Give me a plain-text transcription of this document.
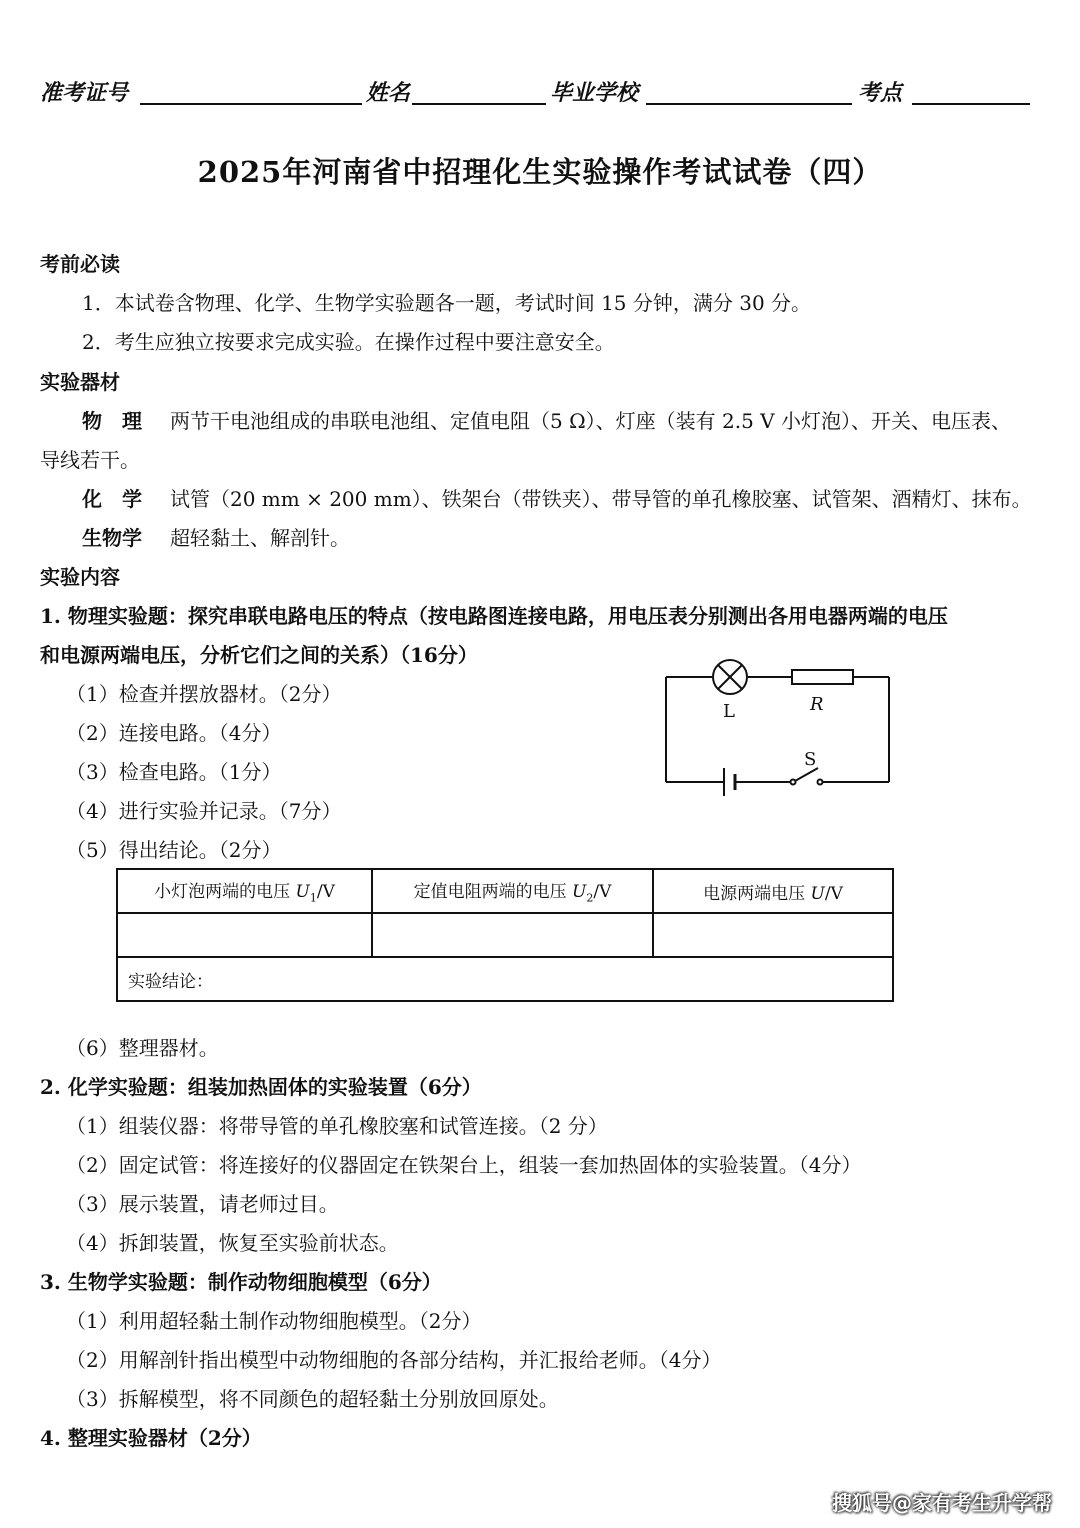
准考证号	姓名	毕业学校	考点
2025年河南省中招理化生实验操作考试试卷（四）
考前必读
1．本试卷含物理、化学、生物学实验题各一题，考试时间 15 分钟，满分 30 分。
2．考生应独立按要求完成实验。在操作过程中要注意安全。
实验器材
物　理 两节干电池组成的串联电池组、定值电阻（5 Ω）、灯座（装有 2.5 V 小灯泡）、开关、电压表、
导线若干。
化　学 试管（20 mm × 200 mm）、铁架台（带铁夹）、带导管的单孔橡胶塞、试管架、酒精灯、抹布。
生物学 超轻黏土、解剖针。
实验内容
1. 物理实验题：探究串联电路电压的特点（按电路图连接电路，用电压表分别测出各用电器两端的电压
和电源两端电压，分析它们之间的关系）（16分）
（1）检查并摆放器材。（2分）
（2）连接电路。（4分）
（3）检查电路。（1分）
（4）进行实验并记录。（7分）
（5）得出结论。（2分）
L	R
S
小灯泡两端的电压 $U_1/V$	定值电阻两端的电压 $U_2/V$	电源两端电压 U/V

实验结论：		
（6）整理器材。
2. 化学实验题：组装加热固体的实验装置（6分）
（1）组装仪器：将带导管的单孔橡胶塞和试管连接。（2 分）
（2）固定试管：将连接好的仪器固定在铁架台上，组装一套加热固体的实验装置。（4分）
（3）展示装置，请老师过目。
（4）拆卸装置，恢复至实验前状态。
3. 生物学实验题：制作动物细胞模型（6分）
（1）利用超轻黏土制作动物细胞模型。（2分）
（2）用解剖针指出模型中动物细胞的各部分结构，并汇报给老师。（4分）
（3）拆解模型，将不同颜色的超轻黏土分别放回原处。
4. 整理实验器材（2分）
搜狐号@家有考生升学帮
